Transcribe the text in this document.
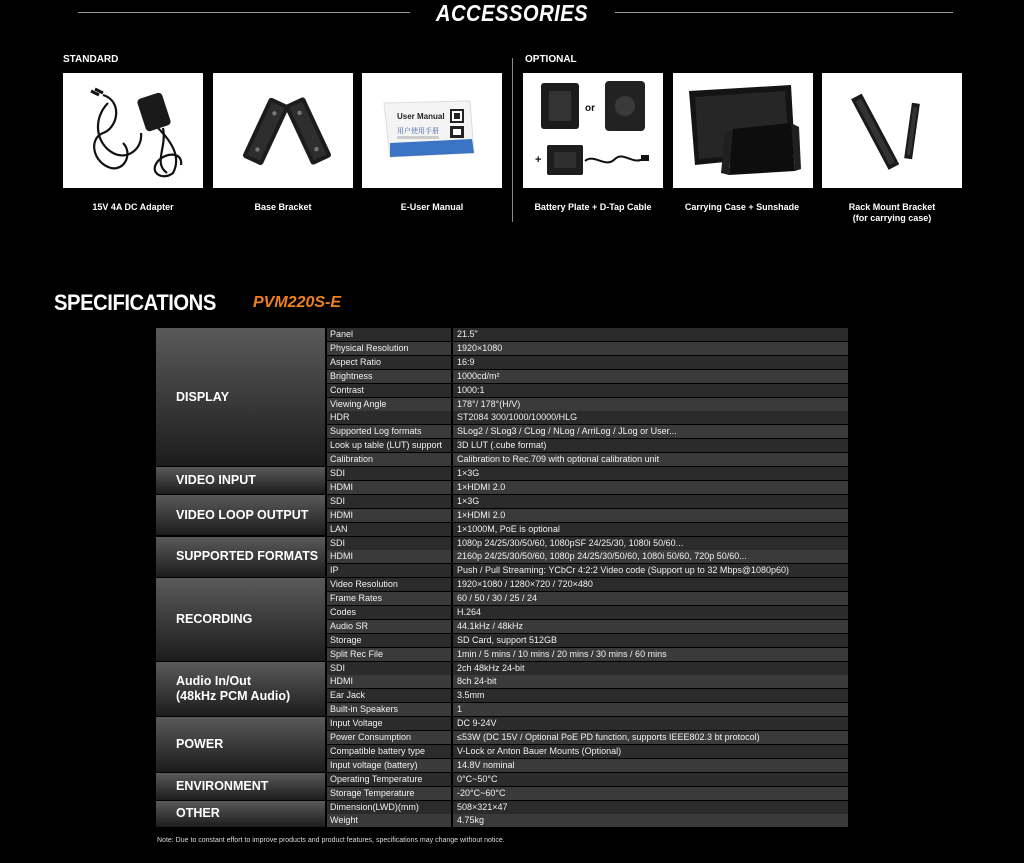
ACCESSORIES
STANDARD	OPTIONAL
15V 4A DC Adapter	Base Bracket
User Manual
用户使用手册
E-User Manual
or
+
Battery Plate + D-Tap Cable	Carrying Case + Sunshade	Rack Mount Bracket
(for carrying case)
SPECIFICATIONS PVM220S-E
DISPLAY
Panel	21.5"
Physical Resolution	1920×1080
Aspect Ratio	16:9
Brightness	1000cd/m²
Contrast	1000:1
Viewing Angle	178°/ 178°(H/V)
HDR	ST2084 300/1000/10000/HLG
Supported Log formats	SLog2 / SLog3 / CLog / NLog / ArriLog / JLog or User...
Look up table (LUT) support	3D LUT (.cube format)
Calibration	Calibration to Rec.709 with optional calibration unit
VIDEO INPUT	SDI	1×3G
HDMI	1×HDMI 2.0
VIDEO LOOP OUTPUT
SDI	1×3G
HDMI	1×HDMI 2.0
LAN	1×1000M, PoE is optional
SUPPORTED FORMATS
SDI	1080p 24/25/30/50/60, 1080pSF 24/25/30, 1080i 50/60...
HDMI	2160p 24/25/30/50/60, 1080p 24/25/30/50/60, 1080i 50/60, 720p 50/60...
IP	Push / Pull Streaming: YCbCr 4:2:2 Video code (Support up to 32 Mbps@1080p60)
RECORDING
Video Resolution	1920×1080 / 1280×720 / 720×480
Frame Rates	60 / 50 / 30 / 25 / 24
Codes	H.264
Audio SR	44.1kHz / 48kHz
Storage	SD Card, support 512GB
Split Rec File	1min / 5 mins / 10 mins / 20 mins / 30 mins / 60 mins
Audio In/Out
(48kHz PCM Audio)
SDI	2ch 48kHz 24-bit
HDMI	8ch 24-bit
Ear Jack	3.5mm
Built-in Speakers	1
POWER
Input Voltage	DC 9-24V
Power Consumption	≤53W (DC 15V / Optional PoE PD function, supports IEEE802.3 bt protocol)
Compatible battery type	V-Lock or Anton Bauer Mounts (Optional)
Input voltage (battery)	14.8V nominal
ENVIRONMENT	Operating Temperature	0°C~50°C
Storage Temperature	-20°C~60°C
OTHER	Dimension(LWD)(mm)	508×321×47
Weight	4.75kg
Note: Due to constant effort to improve products and product features, specifications may change without notice.
